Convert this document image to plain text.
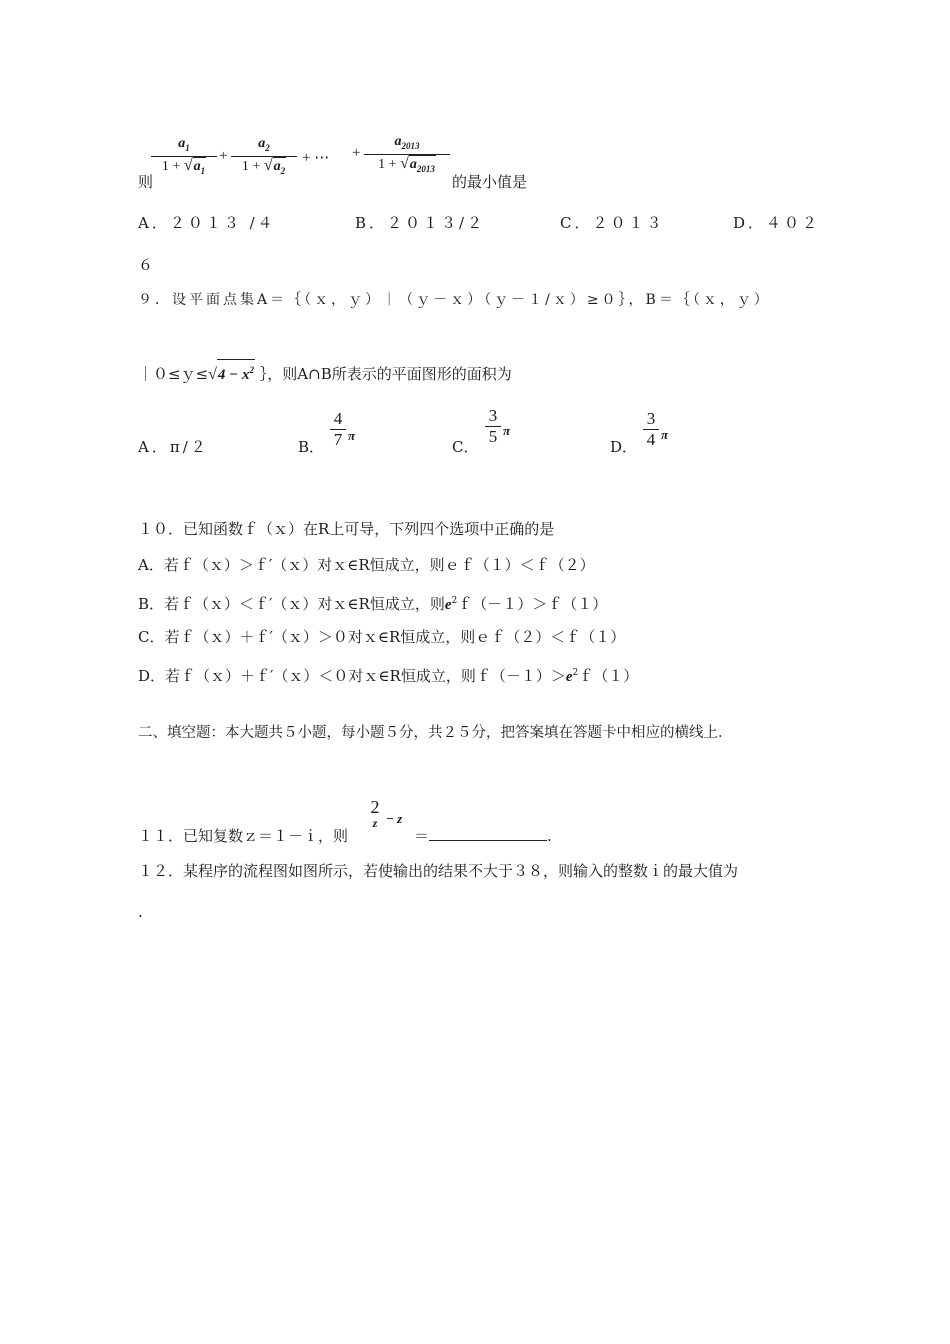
则
$a_1$
$1 + √a_1$
+
$a_2$
$1 + √a_2$
+ ⋯ +
$a_{2013}$
$1 + √a_{2013}$
的最小值是
A．２０１３ /４	B．２０１３/２	C．２０１３	D．４０２
６
９．设平面点集A＝｛（ｘ，ｙ）｜（ｙ－ｘ）（ｙ－１/ｘ）≥０｝，B＝｛（ｘ，ｙ）
｜０≤ｙ≤√4 − $x^2$ ｝，则A∩B所表示的平面图形的面积为
A．π/２	B．
4
7 π
C．
3
5 π
D．
3
4 π
１０．已知函数ｆ（ｘ）在R上可导，下列四个选项中正确的是
A．若ｆ（ｘ）＞ｆ′（ｘ）对ｘ∈R恒成立，则ｅｆ（１）＜ｆ（２）
B．若ｆ（ｘ）＜ｆ′（ｘ）对ｘ∈R恒成立，则$e^2f(-1)>f(1)$
C．若ｆ（ｘ）＋ｆ′（ｘ）＞０对ｘ∈R恒成立，则ｅｆ（２）＜ｆ（１）
D．若ｆ（ｘ）＋ｆ′（ｘ）＜０对ｘ∈R恒成立，则$f(-1)>e^2f(1)$
二、填空题：本大题共５小题，每小题５分，共２５分，把答案填在答题卡中相应的横线上．
１１．已知复数ｚ＝１－ｉ，则
2
z − z
＝	.
１２．某程序的流程图如图所示，若使输出的结果不大于３８，则输入的整数ｉ的最大值为
.
